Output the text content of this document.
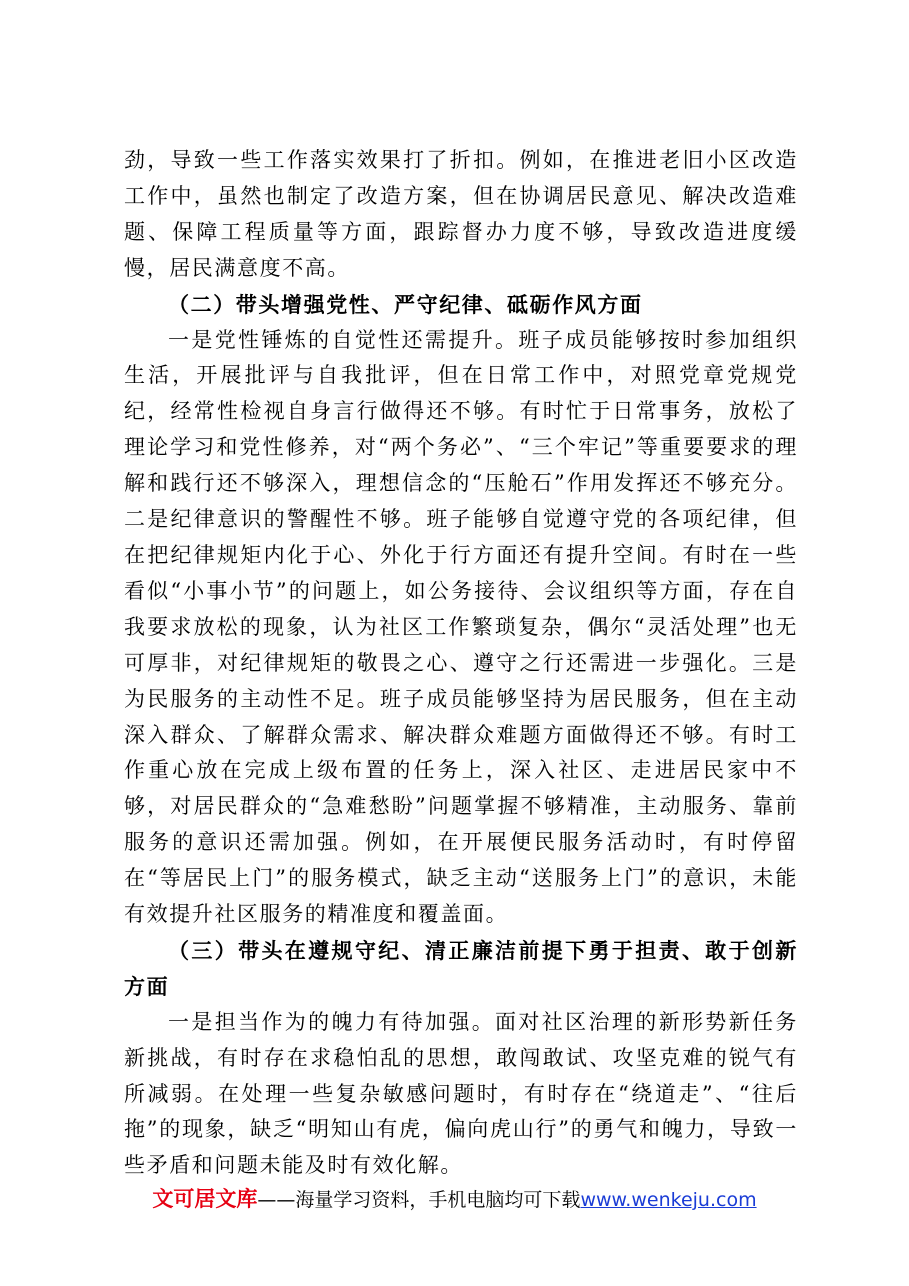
劲，导致一些工作落实效果打了折扣。例如，在推进老旧小区改造工作中，虽然也制定了改造方案，但在协调居民意见、解决改造难题、保障工程质量等方面，跟踪督办力度不够，导致改造进度缓慢，居民满意度不高。

（二）带头增强党性、严守纪律、砥砺作风方面

一是党性锤炼的自觉性还需提升。班子成员能够按时参加组织生活，开展批评与自我批评，但在日常工作中，对照党章党规党纪，经常性检视自身言行做得还不够。有时忙于日常事务，放松了理论学习和党性修养，对“两个务必”、“三个牢记”等重要要求的理解和践行还不够深入，理想信念的“压舱石”作用发挥还不够充分。二是纪律意识的警醒性不够。班子能够自觉遵守党的各项纪律，但在把纪律规矩内化于心、外化于行方面还有提升空间。有时在一些看似“小事小节”的问题上，如公务接待、会议组织等方面，存在自我要求放松的现象，认为社区工作繁琐复杂，偶尔“灵活处理”也无可厚非，对纪律规矩的敬畏之心、遵守之行还需进一步强化。三是为民服务的主动性不足。班子成员能够坚持为居民服务，但在主动深入群众、了解群众需求、解决群众难题方面做得还不够。有时工作重心放在完成上级布置的任务上，深入社区、走进居民家中不够，对居民群众的“急难愁盼”问题掌握不够精准，主动服务、靠前服务的意识还需加强。例如，在开展便民服务活动时，有时停留在“等居民上门”的服务模式，缺乏主动“送服务上门”的意识，未能有效提升社区服务的精准度和覆盖面。

（三）带头在遵规守纪、清正廉洁前提下勇于担责、敢于创新方面

一是担当作为的魄力有待加强。面对社区治理的新形势新任务新挑战，有时存在求稳怕乱的思想，敢闯敢试、攻坚克难的锐气有所减弱。在处理一些复杂敏感问题时，有时存在“绕道走”、“往后拖”的现象，缺乏“明知山有虎，偏向虎山行”的勇气和魄力，导致一些矛盾和问题未能及时有效化解。

文可居文库——海量学习资料，手机电脑均可下载www.wenkeju.com
